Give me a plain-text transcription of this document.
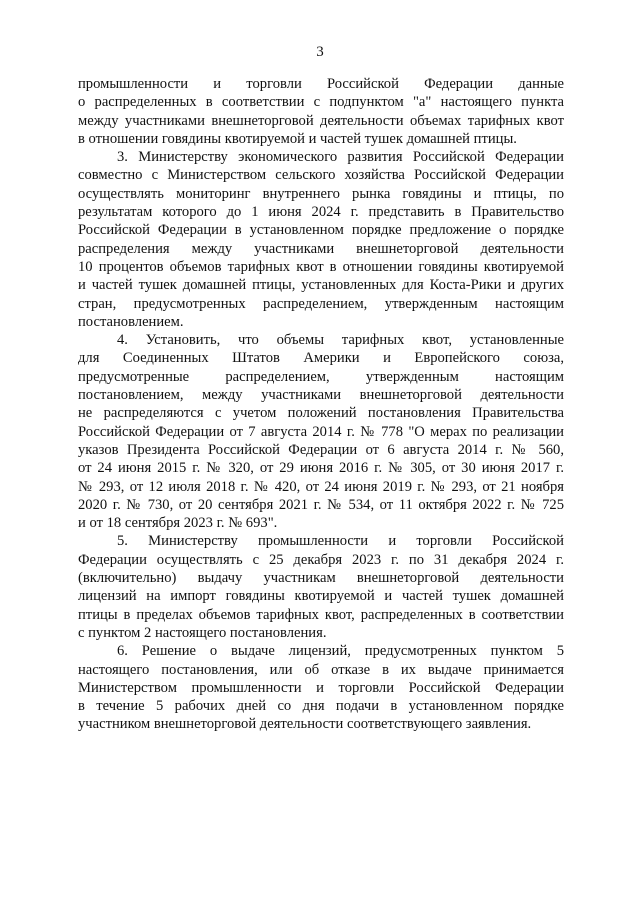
3
промышленности и торговли Российской Федерации данные
о распределенных в соответствии с подпунктом "а" настоящего пункта
между участниками внешнеторговой деятельности объемах тарифных квот
в отношении говядины квотируемой и частей тушек домашней птицы.
3. Министерству экономического развития Российской Федерации
совместно с Министерством сельского хозяйства Российской Федерации
осуществлять мониторинг внутреннего рынка говядины и птицы, по
результатам которого до 1 июня 2024 г. представить в Правительство
Российской Федерации в установленном порядке предложение о порядке
распределения между участниками внешнеторговой деятельности
10 процентов объемов тарифных квот в отношении говядины квотируемой
и частей тушек домашней птицы, установленных для Коста-Рики и других
стран, предусмотренных распределением, утвержденным настоящим
постановлением.
4. Установить, что объемы тарифных квот, установленные
для Соединенных Штатов Америки и Европейского союза,
предусмотренные распределением, утвержденным настоящим
постановлением, между участниками внешнеторговой деятельности
не распределяются с учетом положений постановления Правительства
Российской Федерации от 7 августа 2014 г. № 778 "О мерах по реализации
указов Президента Российской Федерации от 6 августа 2014 г. № 560,
от 24 июня 2015 г. № 320, от 29 июня 2016 г. № 305, от 30 июня 2017 г.
№ 293, от 12 июля 2018 г. № 420, от 24 июня 2019 г. № 293, от 21 ноября
2020 г. № 730, от 20 сентября 2021 г. № 534, от 11 октября 2022 г. № 725
и от 18 сентября 2023 г. № 693".
5. Министерству промышленности и торговли Российской
Федерации осуществлять с 25 декабря 2023 г. по 31 декабря 2024 г.
(включительно) выдачу участникам внешнеторговой деятельности
лицензий на импорт говядины квотируемой и частей тушек домашней
птицы в пределах объемов тарифных квот, распределенных в соответствии
с пунктом 2 настоящего постановления.
6. Решение о выдаче лицензий, предусмотренных пунктом 5
настоящего постановления, или об отказе в их выдаче принимается
Министерством промышленности и торговли Российской Федерации
в течение 5 рабочих дней со дня подачи в установленном порядке
участником внешнеторговой деятельности соответствующего заявления.
